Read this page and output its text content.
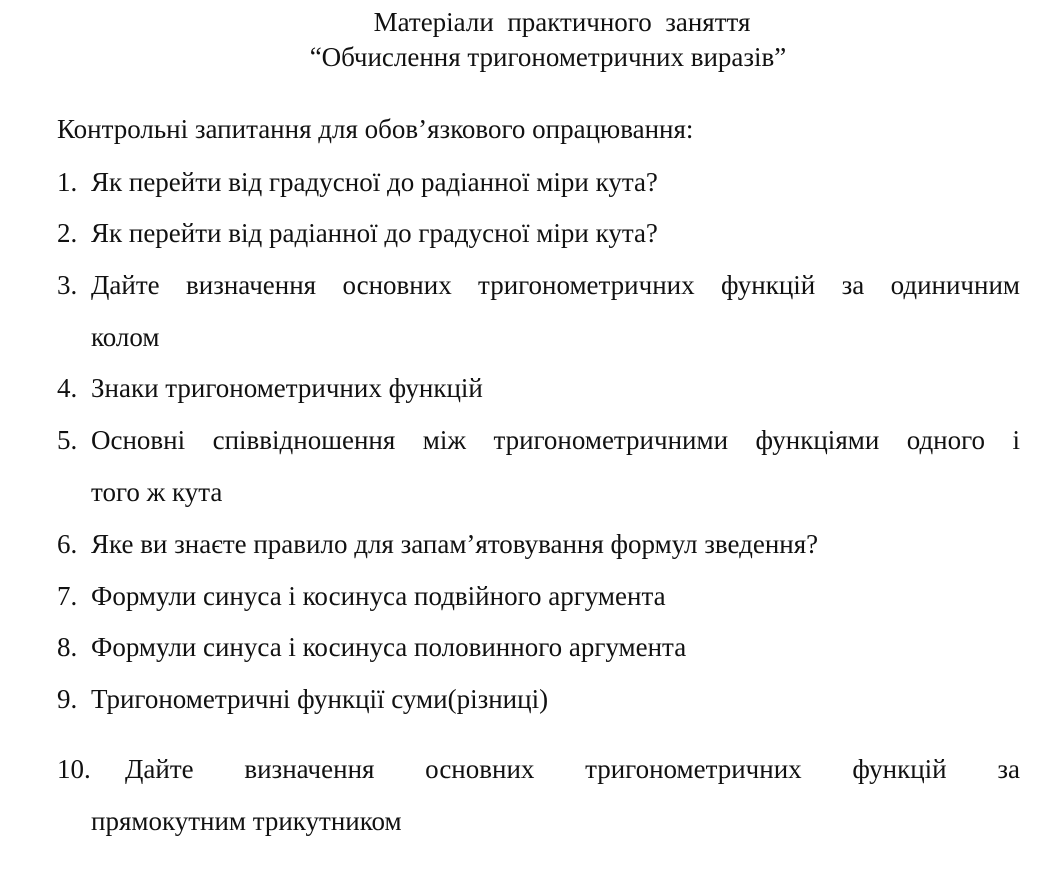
Матеріали  практичного  заняття
“Обчислення тригонометричних виразів”
Контрольні запитання для обов’язкового опрацювання:
1. Як перейти від градусної до радіанної міри кута?
2. Як перейти від радіанної до градусної міри кута?
3. Дайте визначення основних тригонометричних функцій за одиничним
колом
4. Знаки тригонометричних функцій
5. Основні співвідношення між тригонометричними функціями одного і
того ж кута
6. Яке ви знаєте правило для запам’ятовування формул зведення?
7. Формули синуса і косинуса подвійного аргумента
8. Формули синуса і косинуса половинного аргумента
9. Тригонометричні функції суми(різниці)
10.	Дайте визначення основних тригонометричних функцій за
прямокутним трикутником
